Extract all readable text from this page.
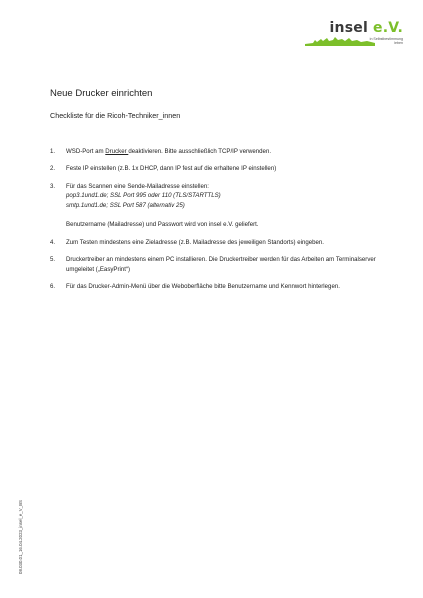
insel e.V.
in Selbstbestimmung
leben
Neue Drucker einrichten
Checkliste für die Ricoh-Techniker_innen
1.	WSD-Port am Drucker deaktivieren. Bitte ausschließlich TCP/IP verwenden.
2.	Feste IP einstellen (z.B. 1x DHCP, dann IP fest auf die erhaltene IP einstellen)
3.	Für das Scannen eine Sende-Mailadresse einstellen:
pop3.1und1.de; SSL Port 995 oder 110 (TLS/STARTTLS)
smtp.1und1.de; SSL Port 587 (alternativ 25)
Benutzername (Mailadresse) und Passwort wird von insel e.V. geliefert.
4.	Zum Testen mindestens eine Zieladresse (z.B. Mailadresse des jeweiligen Standorts) eingeben.
5.	Druckertreiber an mindestens einem PC installieren. Die Druckertreiber werden für das Arbeiten am Terminalserver umgeleitet („EasyPrint“)
6.	Für das Drucker-Admin-Menü über die Weboberfläche bitte Benutzername und Kennwort hinterlegen.
08.030.01_16.04.2023_insel_e_V_BS
